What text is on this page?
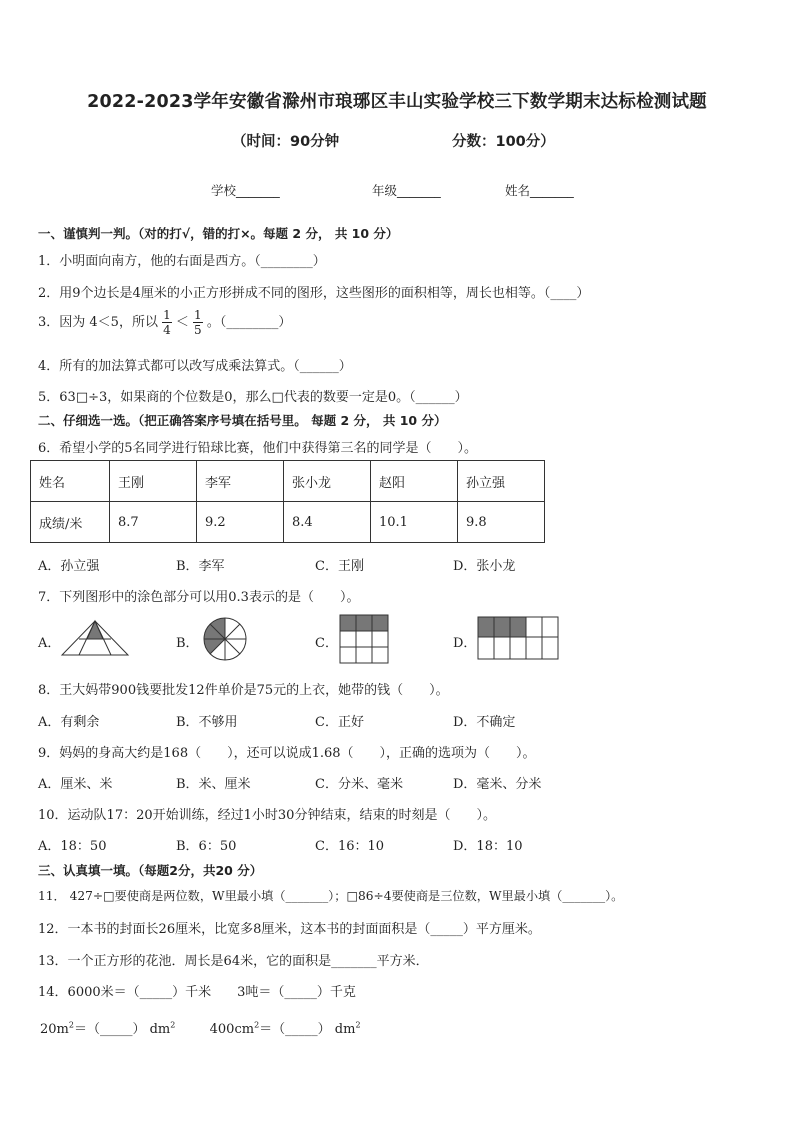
2022-2023学年安徽省滁州市琅琊区丰山实验学校三下数学期末达标检测试题
（时间：90分钟	分数：100分）
学校_______	年级_______	姓名_______
一、谨慎判一判。（对的打√，错的打×。每题 2 分， 共 10 分）
1．小明面向南方，他的右面是西方。（________）
2．用9个边长是4厘米的小正方形拼成不同的图形，这些图形的面积相等，周长也相等。（____）
3．因为 4＜5，所以 $\frac{1}{4} < \frac{1}{5}$ 。（________）
4．所有的加法算式都可以改写成乘法算式。（______）
5．63□÷3，如果商的个位数是0，那么□代表的数要一定是0。（______）
二、仔细选一选。（把正确答案序号填在括号里。 每题 2 分， 共 10 分）
6．希望小学的5名同学进行铅球比赛，他们中获得第三名的同学是（　　）。
姓名	王刚	李军	张小龙	赵阳	孙立强
成绩/米	8.7	9.2	8.4	10.1	9.8
A．孙立强	B．李军	C．王刚	D．张小龙
7．下列图形中的涂色部分可以用0.3表示的是（　　）。
A．	B．	C．	D．
8．王大妈带900钱要批发12件单价是75元的上衣，她带的钱（　　）。
A．有剩余	B．不够用	C．正好	D．不确定
9．妈妈的身高大约是168（　　），还可以说成1.68（　　），正确的选项为（　　）。
A．厘米、米	B．米、厘米	C．分米、毫米	D．毫米、分米
10．运动队17：20开始训练，经过1小时30分钟结束，结束的时刻是（　　）。
A．18：50	B．6：50	C．16：10	D．18：10
三、认真填一填。（每题2分，共20 分）
11． 427÷□要使商是两位数，W里最小填（_______）；□86÷4要使商是三位数，W里最小填（_______）。
12．一本书的封面长26厘米，比宽多8厘米，这本书的封面面积是（_____）平方厘米。
13．一个正方形的花池．周长是64米，它的面积是_______平方米．
14．6000米＝（_____）千米　　3吨＝（_____）千克
$20m^2=(\_\_\_\_\_)$ $dm^2$	$400cm^2=(\_\_\_\_\_)$ $dm^2$
